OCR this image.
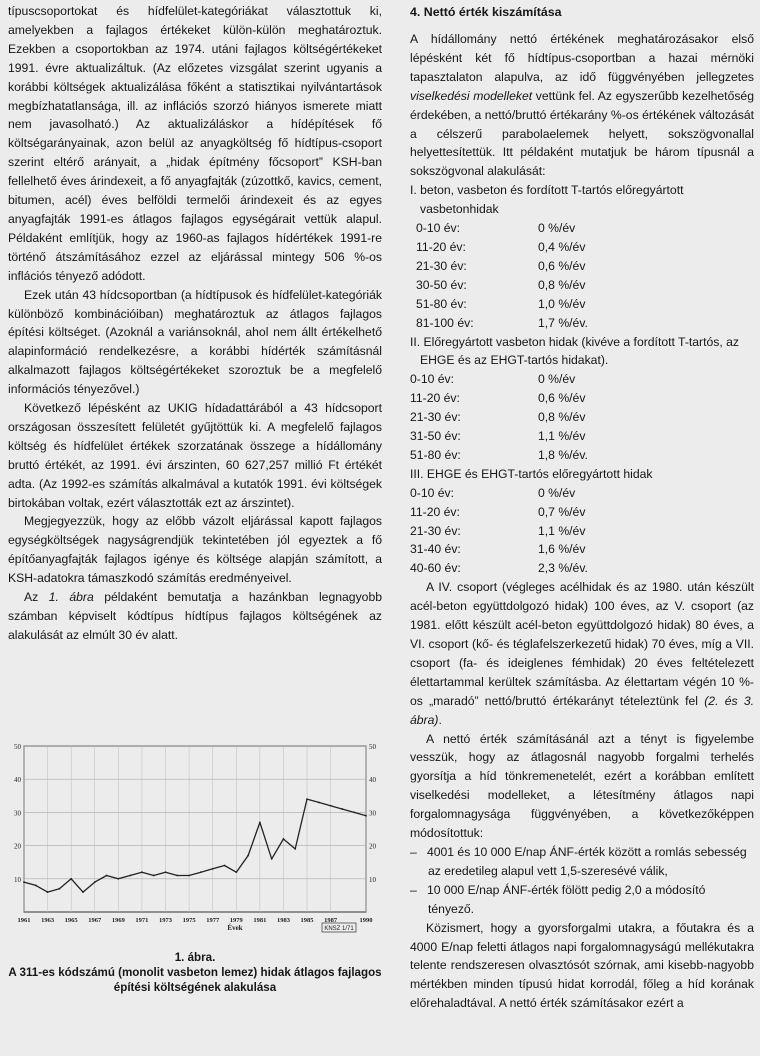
típuscsoportokat és hídfelület-kategóriákat választottuk ki, amelyekben a fajlagos értékeket külön-külön meghatároztuk. Ezekben a csoportokban az 1974. utáni fajlagos költségértékeket 1991. évre aktualizáltuk. (Az előzetes vizsgálat szerint ugyanis a korábbi költségek aktualizálása főként a statisztikai nyilvántartások megbízhatatlansága, ill. az inflációs szorzó hiányos ismerete miatt nem javasolható.) Az aktualizáláskor a hídépítések fő költségarányainak, azon belül az anyagköltség fő hídtípus-csoport szerint eltérő arányait, a „hidak építmény főcsoport” KSH-ban fellelhető éves árindexeit, a fő anyagfajták (zúzottkő, kavics, cement, bitumen, acél) éves belföldi termelői árindexeit és az egyes anyagfajták 1991-es átlagos fajlagos egységárait vettük alapul. Példaként említjük, hogy az 1960-as fajlagos hídértékek 1991-re történő átszámításához ezzel az eljárással mintegy 506 %-os inflációs tényező adódott.

Ezek után 43 hídcsoportban (a hídtípusok és hídfelület-kategóriák különböző kombinációiban) meghatároztuk az átlagos fajlagos építési költséget. (Azoknál a variánsoknál, ahol nem állt értékelhető alapinformáció rendelkezésre, a korábbi hídérték számításnál alkalmazott fajlagos költségértékeket szoroztuk be a megfelelő információs tényezővel.)

Következő lépésként az UKIG hídadattárából a 43 hídcsoport országosan összesített felületét gyűjtöttük ki. A megfelelő fajlagos költség és hídfelület értékek szorzatának összege a hídállomány bruttó értékét, az 1991. évi árszinten, 60 627,257 millió Ft értékét adta. (Az 1992-es számítás alkalmával a kutatók 1991. évi költségek birtokában voltak, ezért választották ezt az árszintet).

Megjegyezzük, hogy az előbb vázolt eljárással kapott fajlagos egységköltségek nagyságrendjük tekintetében jól egyeztek a fő építőanyagfajták fajlagos igénye és költsége alapján számított, a KSH-adatokra támaszkodó számítás eredményeivel.

Az 1. ábra példaként bemutatja a hazánkban legnagyobb számban képviselt kódtípus hídtípus fajlagos költségének az alakulását az elmúlt 30 év alatt.

10	10
20	20
30	30
40	40
50	50
1961 1963 1965 1967 1969 1971 1973 1975 1977 1979 1981 1983 1985 1987	1990
Évek	KNSZ 1/71
1. ábra.
A 311-es kódszámú (monolit vasbeton lemez) hidak átlagos fajlagos építési költségének alakulása
4. Nettó érték kiszámítása

A hídállomány nettó értékének meghatározásakor első lépésként két fő hídtípus-csoportban a hazai mérnöki tapasztalaton alapulva, az idő függvényében jellegzetes viselkedési modelleket vettünk fel. Az egyszerűbb kezelhetőség érdekében, a nettó/bruttó értékarány %-os értékének változását a célszerű parabolaelemek helyett, sokszögvonallal helyettesítettük. Itt példaként mutatjuk be három típusnál a sokszögvonal alakulását:

I. beton, vasbeton és fordított T-tartós előregyártott vasbetonhidak
0-10 év:	0 %/év
11-20 év:	0,4 %/év
21-30 év:	0,6 %/év
30-50 év:	0,8 %/év
51-80 év:	1,0 %/év
81-100 év:	1,7 %/év.
II. Előregyártott vasbeton hidak (kivéve a fordított T-tartós, az EHGE és az EHGT-tartós hidakat).
0-10 év:	0 %/év
11-20 év:	0,6 %/év
21-30 év:	0,8 %/év
31-50 év:	1,1 %/év
51-80 év:	1,8 %/év.
III. EHGE és EHGT-tartós előregyártott hidak
0-10 év:	0 %/év
11-20 év:	0,7 %/év
21-30 év:	1,1 %/év
31-40 év:	1,6 %/év
40-60 év:	2,3 %/év.

A IV. csoport (végleges acélhidak és az 1980. után készült acél-beton együttdolgozó hidak) 100 éves, az V. csoport (az 1981. előtt készült acél-beton együttdolgozó hidak) 80 éves, a VI. csoport (kő- és téglafelszerkezetű hidak) 70 éves, míg a VII. csoport (fa- és ideiglenes fémhidak) 20 éves feltételezett élettartammal kerültek számításba. Az élettartam végén 10 %-os „maradó” nettó/bruttó értékarányt tételeztünk fel (2. és 3. ábra).

A nettó érték számításánál azt a tényt is figyelembe vesszük, hogy az átlagosnál nagyobb forgalmi terhelés gyorsítja a híd tönkremenetelét, ezért a korábban említett viselkedési modelleket, a létesítmény átlagos napi forgalomnagysága függvényében, a következőképpen módosítottuk:

–   4001 és 10 000 E/nap ÁNF-érték között a romlás sebesség az eredetileg alapul vett 1,5-szeresévé válik,
–   10 000 E/nap ÁNF-érték fölött pedig 2,0 a módosító tényező.

Közismert, hogy a gyorsforgalmi utakra, a főutakra és a 4000 E/nap feletti átlagos napi forgalomnagyságú mellékutakra telente rendszeresen olvasztósót szórnak, ami kisebb-nagyobb mértékben minden típusú hidat korrodál, főleg a híd korának előrehaladtával. A nettó érték számításakor ezért a
